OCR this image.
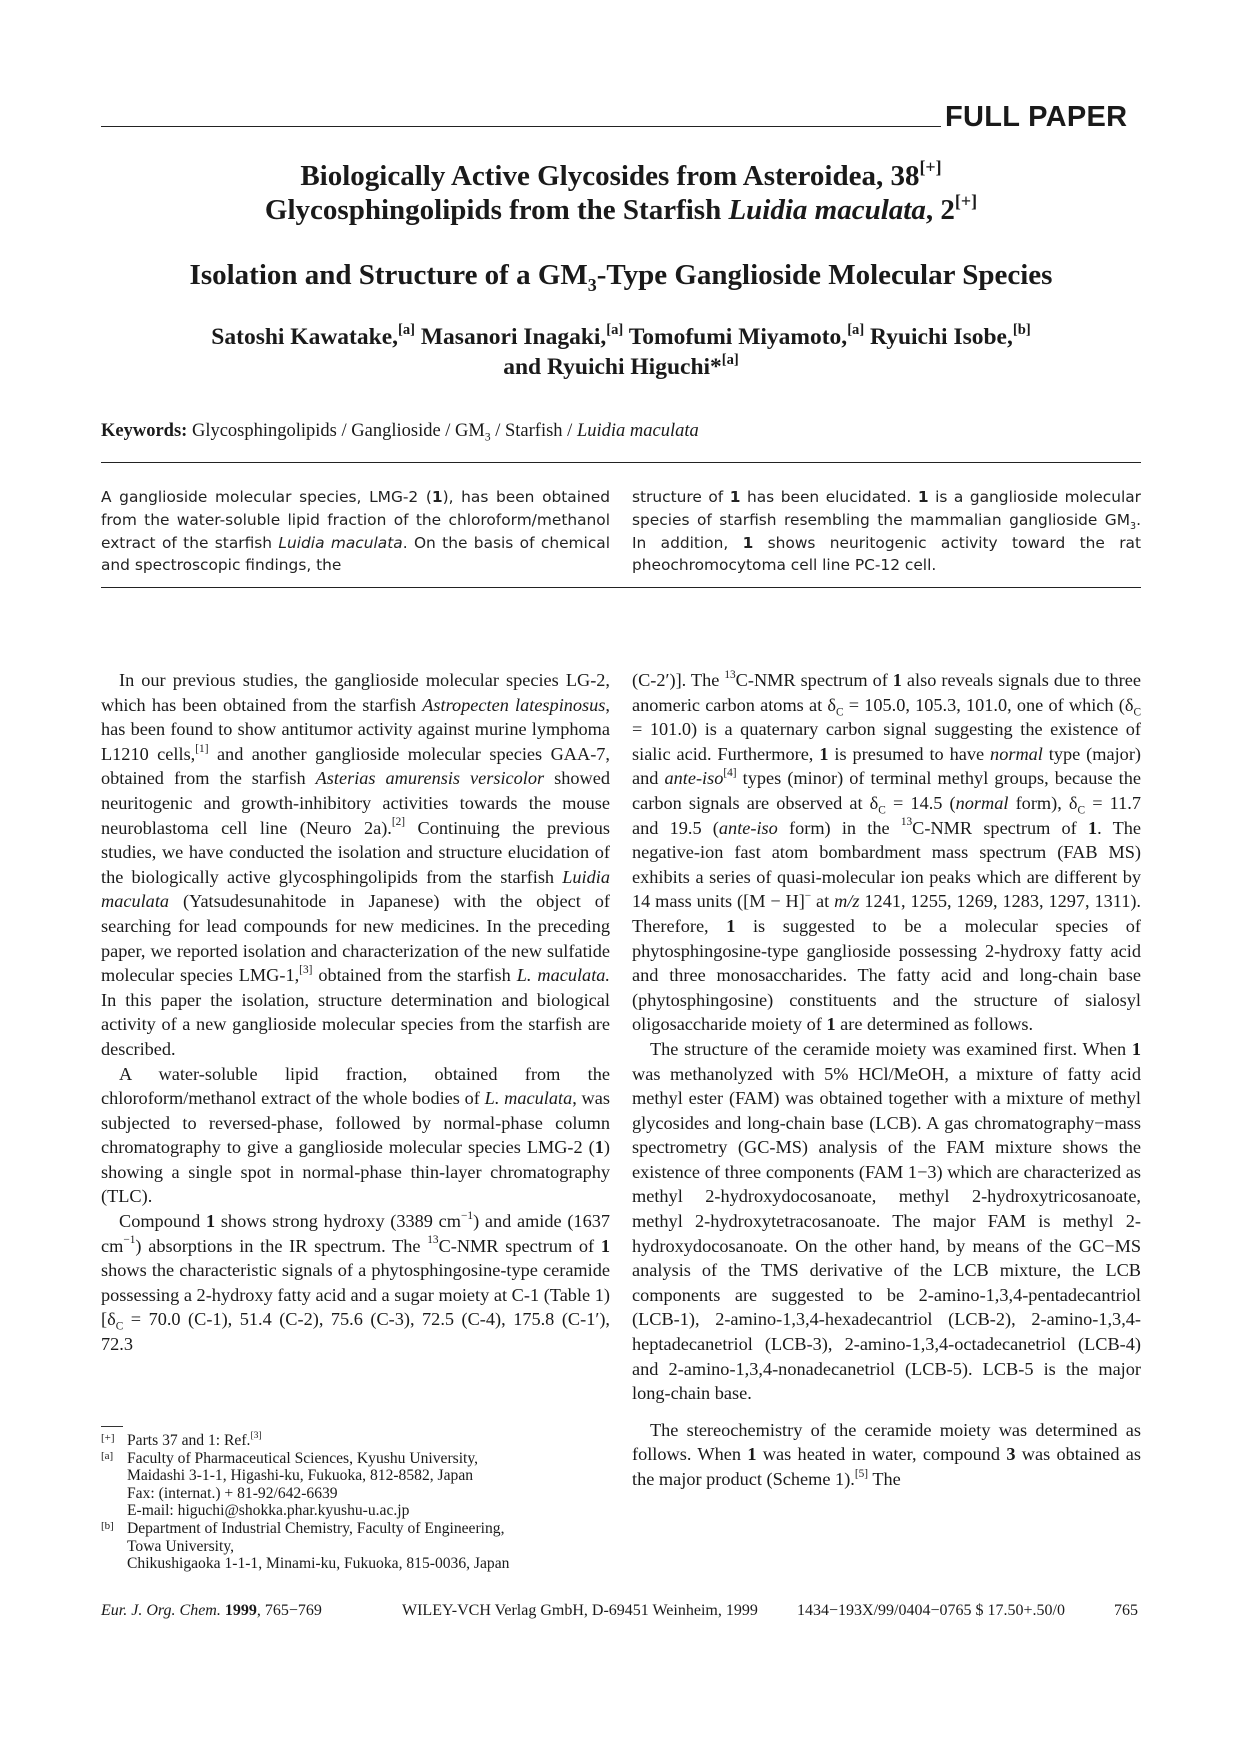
FULL PAPER
Biologically Active Glycosides from Asteroidea, 38[+]
Glycosphingolipids from the Starfish Luidia maculata, 2[+]
Isolation and Structure of a $GM_3$-Type Ganglioside Molecular Species
Satoshi Kawatake,[a] Masanori Inagaki,[a] Tomofumi Miyamoto,[a] Ryuichi Isobe,[b]
and Ryuichi Higuchi*[a]
Keywords: Glycosphingolipids / Ganglioside / $GM_3$ / Starfish / Luidia maculata
A ganglioside molecular species, LMG-2 (1), has been obtained from the water-soluble lipid fraction of the chloroform/methanol extract of the starfish Luidia maculata. On the basis of chemical and spectroscopic findings, the
structure of 1 has been elucidated. 1 is a ganglioside molecular species of starfish resembling the mammalian ganglioside $GM_3$. In addition, 1 shows neuritogenic activity toward the rat pheochromocytoma cell line PC-12 cell.

In our previous studies, the ganglioside molecular species LG-2, which has been obtained from the starfish Astropecten latespinosus, has been found to show antitumor activity against murine lymphoma L1210 cells,[1] and another ganglioside molecular species GAA-7, obtained from the starfish Asterias amurensis versicolor showed neuritogenic and growth-inhibitory activities towards the mouse neuroblastoma cell line (Neuro 2a).[2] Continuing the previous studies, we have conducted the isolation and structure elucidation of the biologically active glycosphingolipids from the starfish Luidia maculata (Yatsudesunahitode in Japanese) with the object of searching for lead compounds for new medicines. In the preceding paper, we reported isolation and characterization of the new sulfatide molecular species LMG-1,[3] obtained from the starfish L. maculata. In this paper the isolation, structure determination and biological activity of a new ganglioside molecular species from the starfish are described.

A water-soluble lipid fraction, obtained from the chloroform/methanol extract of the whole bodies of L. maculata, was subjected to reversed-phase, followed by normal-phase column chromatography to give a ganglioside molecular species LMG-2 (1) showing a single spot in normal-phase thin-layer chromatography (TLC).

Compound 1 shows strong hydroxy (3389 $cm^{-1}$) and amide (1637 $cm^{-1}$) absorptions in the IR spectrum. The $^{13}$C-NMR spectrum of 1 shows the characteristic signals of a phytosphingosine-type ceramide possessing a 2-hydroxy fatty acid and a sugar moiety at C-1 (Table 1) [$\delta_C = 70.0$ (C-1), 51.4 (C-2), 75.6 (C-3), 72.5 (C-4), 175.8 (C-1′), 72.3

(C-2′)]. The $^{13}$C-NMR spectrum of 1 also reveals signals due to three anomeric carbon atoms at $\delta_C = 105.0$, 105.3, 101.0, one of which $(\delta_C = 101.0)$ is a quaternary carbon signal suggesting the existence of sialic acid. Furthermore, 1 is presumed to have normal type (major) and ante-iso[4] types (minor) of terminal methyl groups, because the carbon signals are observed at $\delta_C = 14.5$ (normal form), $\delta_C = 11.7$ and 19.5 (ante-iso form) in the $^{13}$C-NMR spectrum of 1. The negative-ion fast atom bombardment mass spectrum (FAB MS) exhibits a series of quasi-molecular ion peaks which are different by 14 mass units ([M − H]− at m/z 1241, 1255, 1269, 1283, 1297, 1311). Therefore, 1 is suggested to be a molecular species of phytosphingosine-type ganglioside possessing 2-hydroxy fatty acid and three monosaccharides. The fatty acid and long-chain base (phytosphingosine) constituents and the structure of sialosyl oligosaccharide moiety of 1 are determined as follows.

The structure of the ceramide moiety was examined first. When 1 was methanolyzed with 5% HCl/MeOH, a mixture of fatty acid methyl ester (FAM) was obtained together with a mixture of methyl glycosides and long-chain base (LCB). A gas chromatography−mass spectrometry (GC-MS) analysis of the FAM mixture shows the existence of three components (FAM 1−3) which are characterized as methyl 2-hydroxydocosanoate, methyl 2-hydroxytricosanoate, methyl 2-hydroxytetracosanoate. The major FAM is methyl 2-hydroxydocosanoate. On the other hand, by means of the GC−MS analysis of the TMS derivative of the LCB mixture, the LCB components are suggested to be 2-amino-1,3,4-pentadecantriol (LCB-1), 2-amino-1,3,4-hexadecantriol (LCB-2), 2-amino-1,3,4-heptadecanetriol (LCB-3), 2-amino-1,3,4-octadecanetriol (LCB-4) and 2-amino-1,3,4-nonadecanetriol (LCB-5). LCB-5 is the major long-chain base.

The stereochemistry of the ceramide moiety was determined as follows. When 1 was heated in water, compound 3 was obtained as the major product (Scheme 1).[5] The

[+] Parts 37 and 1: Ref.[3]
[a] Faculty of Pharmaceutical Sciences, Kyushu University,
Maidashi 3-1-1, Higashi-ku, Fukuoka, 812-8582, Japan
Fax: (internat.) + 81-92/642-6639
E-mail: higuchi@shokka.phar.kyushu-u.ac.jp
[b] Department of Industrial Chemistry, Faculty of Engineering,
Towa University,
Chikushigaoka 1-1-1, Minami-ku, Fukuoka, 815-0036, Japan
Eur. J. Org. Chem. 1999, 765−769	WILEY-VCH Verlag GmbH, D-69451 Weinheim, 1999 1434−193X/99/0404−0765 $ 17.50+.50/0	765
